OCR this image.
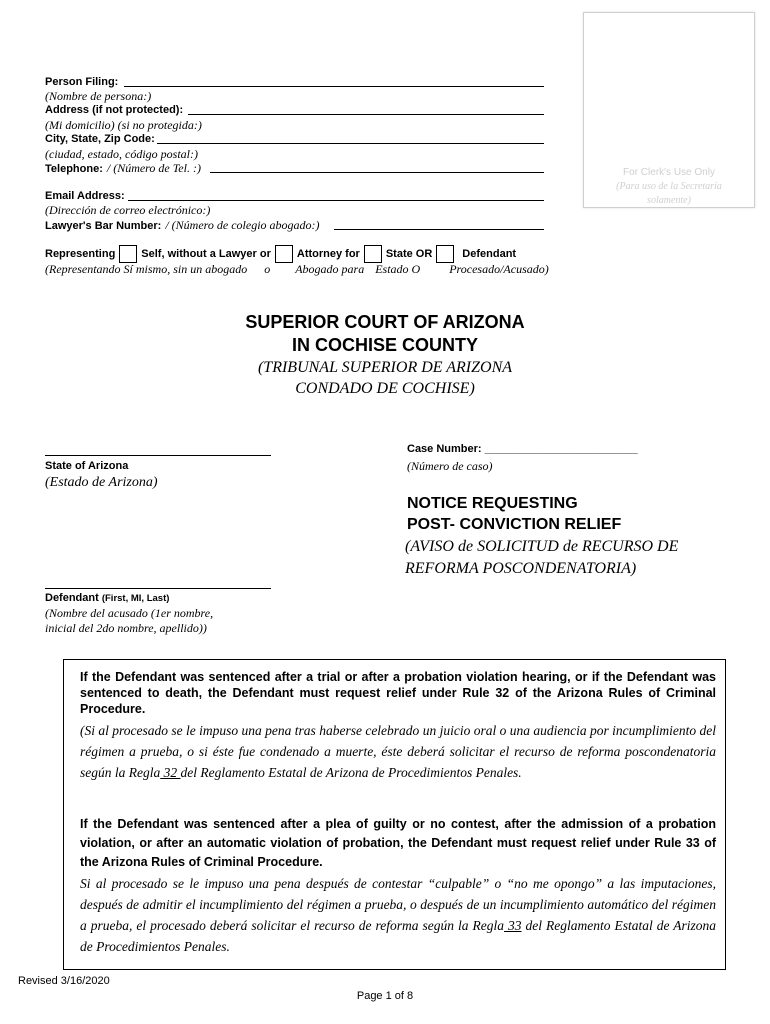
For Clerk's Use Only
(Para uso de la Secretaría
solamente)
Person Filing:
(Nombre de persona:)
Address (if not protected):
(Mi domicilio) (si no protegida:)
City, State, Zip Code:
(ciudad, estado, código postal:)
Telephone: / (Número de Tel. :)
Email Address:
(Dirección de correo electrónico:)
Lawyer's Bar Number: / (Número de colegio abogado:)
Representing Self, without a Lawyer or Attorney for State OR	Defendant
(Representando Sí mismo, sin un abogado o Abogado para Estado O Procesado/Acusado)
SUPERIOR COURT OF ARIZONA
IN COCHISE COUNTY
(TRIBUNAL SUPERIOR DE ARIZONA
CONDADO DE COCHISE)
State of Arizona
(Estado de Arizona)
Defendant (First, MI, Last)
(Nombre del acusado (1er nombre,
inicial del 2do nombre, apellido))
Case Number: _________________________
(Número de caso)
NOTICE REQUESTING
POST- CONVICTION RELIEF
(AVISO de SOLICITUD de RECURSO DE
REFORMA POSCONDENATORIA)
If the Defendant was sentenced after a trial or after a probation violation hearing, or if the Defendant was sentenced to death, the Defendant must request relief under Rule 32 of the Arizona Rules of Criminal Procedure.
(Si al procesado se le impuso una pena tras haberse celebrado un juicio oral o una audiencia por incumplimiento del régimen a prueba, o si éste fue condenado a muerte, éste deberá solicitar el recurso de reforma poscondenatoria según la Regla 32 del Reglamento Estatal de Arizona de Procedimientos Penales.
If the Defendant was sentenced after a plea of guilty or no contest, after the admission of a probation violation, or after an automatic violation of probation, the Defendant must request relief under Rule 33 of the Arizona Rules of Criminal Procedure.
Si al procesado se le impuso una pena después de contestar “culpable” o “no me opongo” a las imputaciones, después de admitir el incumplimiento del régimen a prueba, o después de un incumplimiento automático del régimen a prueba, el procesado deberá solicitar el recurso de reforma según la Regla 33 del Reglamento Estatal de Arizona de Procedimientos Penales.
Revised 3/16/2020
Page 1 of 8
